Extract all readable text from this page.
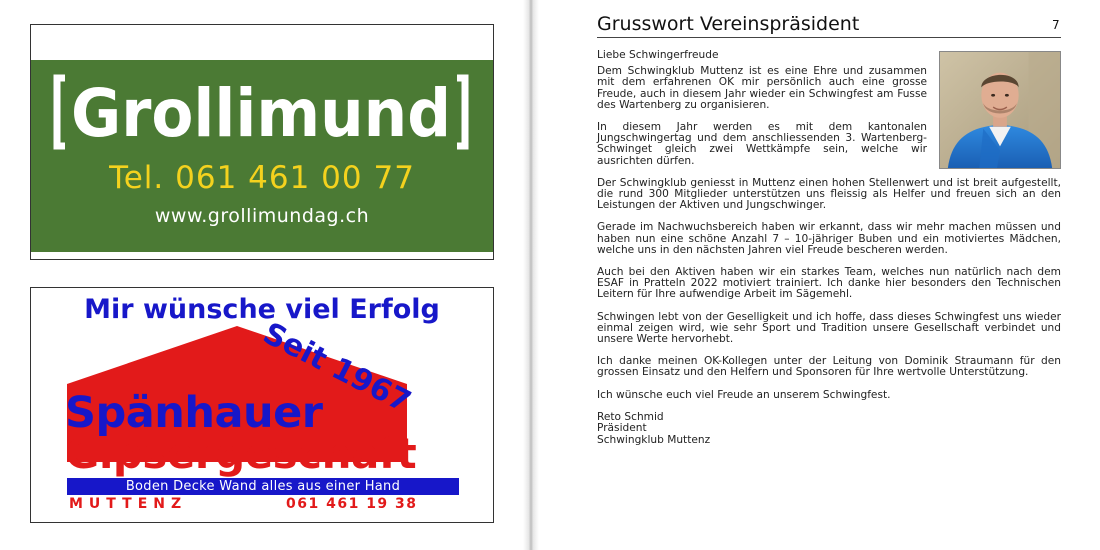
Grollimund
Tel. 061 461 00 77
www.grollimundag.ch
Seit 1967
Mir wünsche viel Erfolg
Spänhauer
Gipsergeschäft
Boden Decke Wand alles aus einer Hand
MUTTENZ	061 461 19 38
Grusswort Vereinspräsident	7

Liebe Schwingerfreude

Dem Schwingklub Muttenz ist es eine Ehre und zusammen mit dem erfahrenen OK mir persönlich auch eine grosse Freude, auch in diesem Jahr wieder ein Schwingfest am Fusse des Wartenberg zu organisieren.

In diesem Jahr werden es mit dem kantonalen Jungschwingertag und dem anschliessenden 3. Wartenberg-Schwinget gleich zwei Wettkämpfe sein, welche wir ausrichten dürfen.

Der Schwingklub geniesst in Muttenz einen hohen Stellenwert und ist breit aufgestellt, die rund 300 Mitglieder unterstützen uns fleissig als Helfer und freuen sich an den Leistungen der Aktiven und Jungschwinger.

Gerade im Nachwuchsbereich haben wir erkannt, dass wir mehr machen müssen und haben nun eine schöne Anzahl 7 – 10-jähriger Buben und ein motiviertes Mädchen, welche uns in den nächsten Jahren viel Freude bescheren werden.

Auch bei den Aktiven haben wir ein starkes Team, welches nun natürlich nach dem ESAF in Pratteln 2022 motiviert trainiert. Ich danke hier besonders den Technischen Leitern für Ihre aufwendige Arbeit im Sägemehl.

Schwingen lebt von der Geselligkeit und ich hoffe, dass dieses Schwingfest uns wieder einmal zeigen wird, wie sehr Sport und Tradition unsere Gesellschaft verbindet und unsere Werte hervorhebt.

Ich danke meinen OK-Kollegen unter der Leitung von Dominik Straumann für den grossen Einsatz und den Helfern und Sponsoren für Ihre wertvolle Unterstützung.

Ich wünsche euch viel Freude an unserem Schwingfest.

Reto Schmid
Präsident
Schwingklub Muttenz
